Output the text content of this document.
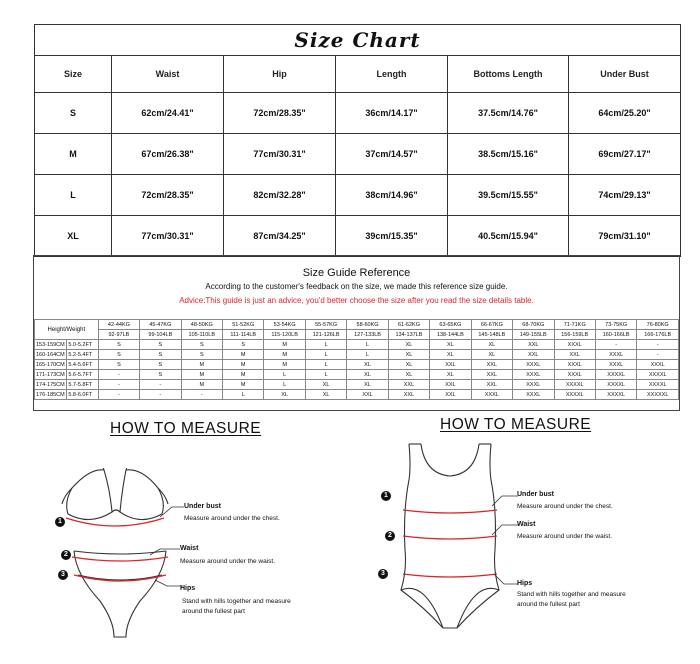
Size Chart					
Size	Waist	Hip	Length	Bottoms Length	Under Bust
S	62cm/24.41"	72cm/28.35"	36cm/14.17"	37.5cm/14.76"	64cm/25.20"
M	67cm/26.38"	77cm/30.31"	37cm/14.57"	38.5cm/15.16"	69cm/27.17"
L	72cm/28.35"	82cm/32.28"	38cm/14.96"	39.5cm/15.55"	74cm/29.13"
XL	77cm/30.31"	87cm/34.25"	39cm/15.35"	40.5cm/15.94"	79cm/31.10"
Size Guide Reference
According to the customer's feedback on the size, we made this reference size guide.
Advice:This guide is just an advice, you'd better choose the size after you read the size details table.
Height/Weight		42-44KG	45-47KG	48-50KG	51-52KG	53-54KG	55-57KG	58-60KG	61-62KG	63-65KG	66-67KG	68-70KG	71-71KG	73-75KG	76-80KG
		92-97LB	99-104LB	105-110LB	111-114LB	115-120LB	121-126LB	127-133LB	134-137LB	138-144LB	145-148LB	149-155LB	156-159LB	160-166LB	166-176LB
153-159CM	5.0-5.2FT	S	S	S	S	M	L	L	XL	XL	XL	XXL	XXXL	-	-
160-164CM	5.2-5.4FT	S	S	S	M	M	L	L	XL	XL	XL	XXL	XXL	XXXL	-
165-170CM	5.4-5.6FT	S	S	M	M	M	L	XL	XL	XXL	XXL	XXXL	XXXL	XXXL	XXXL
171-173CM	5.6-5.7FT	-	S	M	M	L	L	XL	XL	XL	XXL	XXXL	XXXL	XXXXL	XXXXL
174-175CM	5.7-5.8FT	-	-	M	M	L	XL	XL	XXL	XXL	XXL	XXXL	XXXXL	XXXXL	XXXXL
176-185CM	5.8-6.0FT	-	-	-	L	XL	XL	XXL	XXL	XXL	XXXL	XXXL	XXXXL	XXXXL	XXXXXL
HOW TO MEASURE
1
Under bust
Measure around under the chest.
2
3
Waist
Measure around under the waist.
Hips
Stand with hills together and measure
around the fullest part
HOW TO MEASURE
1
2
3
Under bust
Measure around under the chest.
Waist
Measure around under the waist.
Hips
Stand with hills together and measure
around the fullest part
